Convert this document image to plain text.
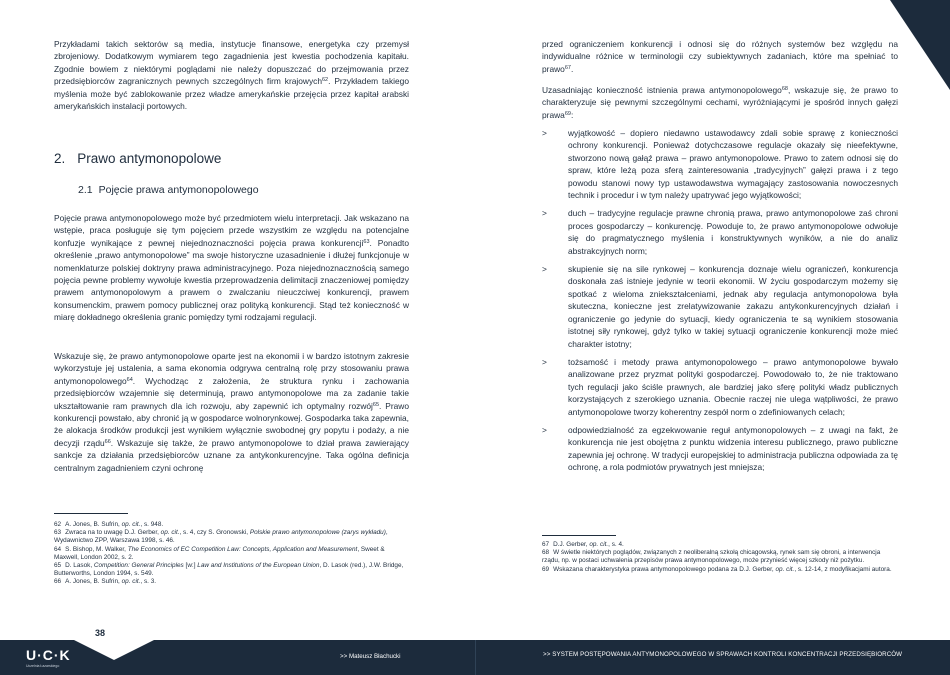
Przykładami takich sektorów są media, instytucje finansowe, energetyka czy przemysł zbrojeniowy. Dodatkowym wymiarem tego zagadnienia jest kwestia pochodzenia kapitału. Zgodnie bowiem z niektórymi poglądami nie należy dopuszczać do przejmowania przez przedsiębiorców zagranicznych pewnych szczególnych firm krajowych$^{62}$. Przykładem takiego myślenia może być zablokowanie przez władze amerykańskie przejęcia przez kapitał arabski amerykańskich instalacji portowych.

2. Prawo antymonopolowe
2.1 Pojęcie prawa antymonopolowego

Pojęcie prawa antymonopolowego może być przedmiotem wielu interpretacji. Jak wskazano na wstępie, praca posługuje się tym pojęciem przede wszystkim ze względu na potencjalne konfuzje wynikające z pewnej niejednoznaczności pojęcia prawa konkurencji$^{63}$. Ponadto określenie „prawo antymonopolowe” ma swoje historyczne uzasadnienie i dłużej funkcjonuje w nomenklaturze polskiej doktryny prawa administracyjnego. Poza niejednoznacznością samego pojęcia pewne problemy wywołuje kwestia przeprowadzenia delimitacji znaczeniowej pomiędzy prawem antymonopolowym a prawem o zwalczaniu nieuczciwej konkurencji, prawem konsumenckim, prawem pomocy publicznej oraz polityką konkurencji. Stąd też konieczność w miarę dokładnego określenia granic pomiędzy tymi rodzajami regulacji.

Wskazuje się, że prawo antymonopolowe oparte jest na ekonomii i w bardzo istotnym zakresie wykorzystuje jej ustalenia, a sama ekonomia odgrywa centralną rolę przy stosowaniu prawa antymonopolowego$^{64}$. Wychodząc z założenia, że struktura rynku i zachowania przedsiębiorców wzajemnie się determinują, prawo antymonopolowe ma za zadanie takie ukształtowanie ram prawnych dla ich rozwoju, aby zapewnić ich optymalny rozwój$^{65}$. Prawo konkurencji powstało, aby chronić ją w gospodarce wolnorynkowej. Gospodarka taka zapewnia, że alokacja środków produkcji jest wynikiem wyłącznie swobodnej gry popytu i podaży, a nie decyzji rządu$^{66}$. Wskazuje się także, że prawo antymonopolowe to dział prawa zawierający sankcje za działania przedsiębiorców uznane za antykonkurencyjne. Taka ogólna definicja centralnym zagadnieniem czyni ochronę

62 A. Jones, B. Sufrin, op. cit., s. 948.

63 Zwraca na to uwagę D.J. Gerber, op. cit., s. 4, czy S. Gronowski, Polskie prawo antymonopolowe (zarys wykładu), Wydawnictwo ZPP, Warszawa 1998, s. 46.

64 S. Bishop, M. Walker, The Economics of EC Competition Law: Concepts, Application and Measurement, Sweet & Maxwell, London 2002, s. 2.

65 D. Lasok, Competition: General Principles [w:] Law and Institutions of the European Union, D. Lasok (red.), J.W. Bridge, Butterworths, London 1994, s. 549.

66 A. Jones, B. Sufrin, op. cit., s. 3.

przed ograniczeniem konkurencji i odnosi się do różnych systemów bez względu na indywidualne różnice w terminologii czy subiektywnych zadaniach, które ma spełniać to prawo$^{67}$.

Uzasadniając konieczność istnienia prawa antymonopolowego$^{68}$, wskazuje się, że prawo to charakteryzuje się pewnymi szczególnymi cechami, wyróżniającymi je spośród innych gałęzi prawa$^{69}$:

>	wyjątkowość – dopiero niedawno ustawodawcy zdali sobie sprawę z konieczności ochrony konkurencji. Ponieważ dotychczasowe regulacje okazały się nieefektywne, stworzono nową gałąź prawa – prawo antymonopolowe. Prawo to zatem odnosi się do spraw, które leżą poza sferą zainteresowania „tradycyjnych” gałęzi prawa i z tego powodu stanowi nowy typ ustawodawstwa wymagający zastosowania nowoczesnych technik i procedur i w tym należy upatrywać jego wyjątkowości;

>	duch – tradycyjne regulacje prawne chronią prawa, prawo antymonopolowe zaś chroni proces gospodarczy – konkurencję. Powoduje to, że prawo antymonopolowe odwołuje się do pragmatycznego myślenia i konstruktywnych wyników, a nie do analiz abstrakcyjnych norm;

>	skupienie się na sile rynkowej – konkurencja doznaje wielu ograniczeń, konkurencja doskonała zaś istnieje jedynie w teorii ekonomii. W życiu gospodarczym możemy się spotkać z wieloma zniekształceniami, jednak aby regulacja antymonopolowa była skuteczna, konieczne jest zrelatywizowanie zakazu antykonkurencyjnych działań i ograniczenie go jedynie do sytuacji, kiedy ograniczenia te są wynikiem stosowania istotnej siły rynkowej, gdyż tylko w takiej sytuacji ograniczenie konkurencji może mieć charakter istotny;

>	tożsamość i metody prawa antymonopolowego – prawo antymonopolowe bywało analizowane przez pryzmat polityki gospodarczej. Powodowało to, że nie traktowano tych regulacji jako ściśle prawnych, ale bardziej jako sferę polityki władz publicznych korzystających z szerokiego uznania. Obecnie raczej nie ulega wątpliwości, że prawo antymonopolowe tworzy koherentny zespół norm o zdefiniowanych celach;

>	odpowiedzialność za egzekwowanie reguł antymonopolowych – z uwagi na fakt, że konkurencja nie jest obojętna z punktu widzenia interesu publicznego, prawo publiczne zapewnia jej ochronę. W tradycji europejskiej to administracja publiczna odpowiada za tę ochronę, a rola podmiotów prywatnych jest mniejsza;

67 D.J. Gerber, op. cit., s. 4.

68 W świetle niektórych poglądów, związanych z neoliberalną szkołą chicagowską, rynek sam się obroni, a interwencja rządu, np. w postaci uchwalenia przepisów prawa antymonopolowego, może przynieść więcej szkody niż pożytku.

69 Wskazana charakterystyka prawa antymonopolowego podana za D.J. Gerber, op. cit., s. 12-14, z modyfikacjami autora.

39
38
U·C·K
Uczelnia Łazarskiego
>> Mateusz Błachucki	>> SYSTEM POSTĘPOWANIA ANTYMONOPOLOWEGO W SPRAWACH KONTROLI KONCENTRACJI PRZEDSIĘBIORCÓW
